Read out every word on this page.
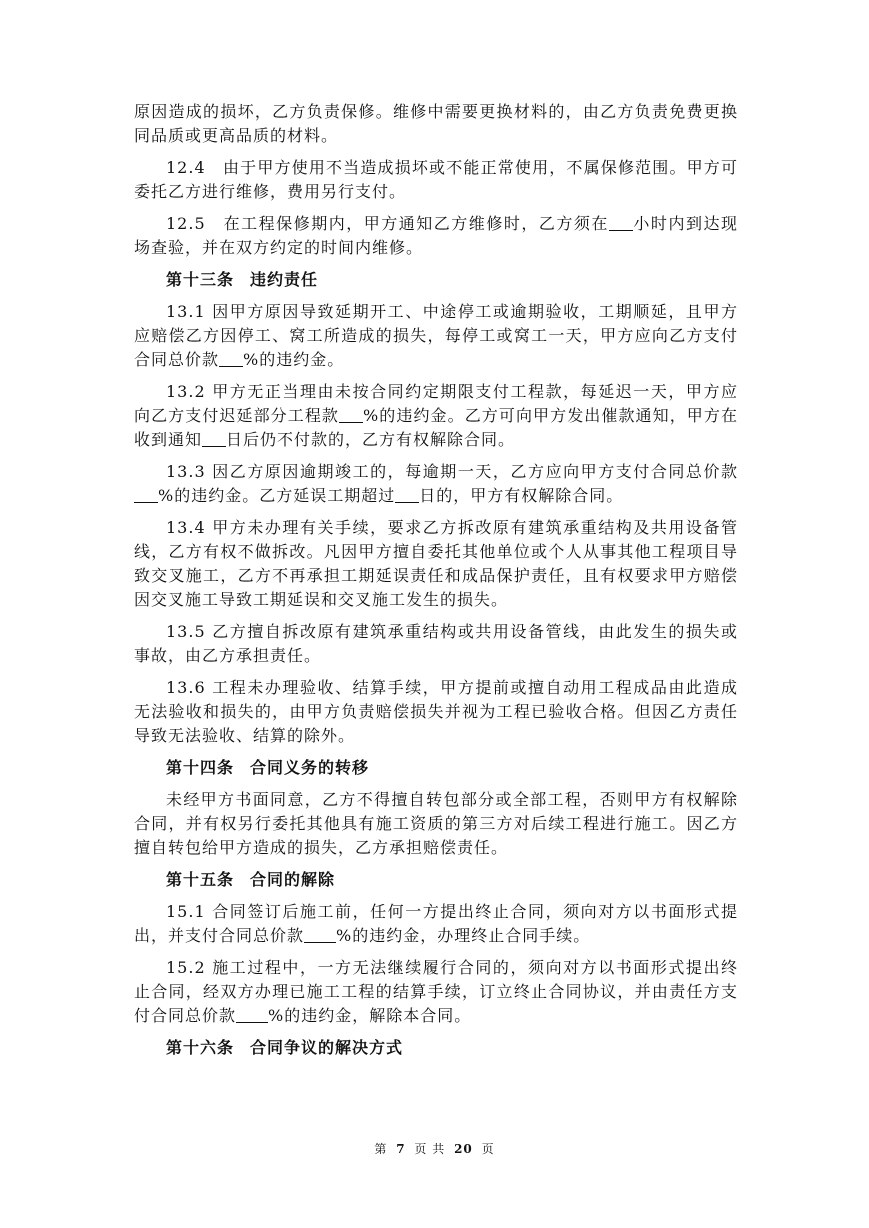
原因造成的损坏，乙方负责保修。维修中需要更换材料的，由乙方负责免费更换同品质或更高品质的材料。

12.4　由于甲方使用不当造成损坏或不能正常使用，不属保修范围。甲方可委托乙方进行维修，费用另行支付。

12.5　在工程保修期内，甲方通知乙方维修时，乙方须在 小时内到达现场查验，并在双方约定的时间内维修。

第十三条 违约责任

13.1 因甲方原因导致延期开工、中途停工或逾期验收，工期顺延，且甲方应赔偿乙方因停工、窝工所造成的损失，每停工或窝工一天，甲方应向乙方支付合同总价款 %的违约金。

13.2 甲方无正当理由未按合同约定期限支付工程款，每延迟一天，甲方应向乙方支付迟延部分工程款 %的违约金。乙方可向甲方发出催款通知，甲方在收到通知 日后仍不付款的，乙方有权解除合同。

13.3 因乙方原因逾期竣工的，每逾期一天，乙方应向甲方支付合同总价款%的违约金。乙方延误工期超过 日的，甲方有权解除合同。

13.4 甲方未办理有关手续，要求乙方拆改原有建筑承重结构及共用设备管线，乙方有权不做拆改。凡因甲方擅自委托其他单位或个人从事其他工程项目导致交叉施工，乙方不再承担工期延误责任和成品保护责任，且有权要求甲方赔偿因交叉施工导致工期延误和交叉施工发生的损失。

13.5 乙方擅自拆改原有建筑承重结构或共用设备管线，由此发生的损失或事故，由乙方承担责任。

13.6 工程未办理验收、结算手续，甲方提前或擅自动用工程成品由此造成无法验收和损失的，由甲方负责赔偿损失并视为工程已验收合格。但因乙方责任导致无法验收、结算的除外。

第十四条 合同义务的转移

未经甲方书面同意，乙方不得擅自转包部分或全部工程，否则甲方有权解除合同，并有权另行委托其他具有施工资质的第三方对后续工程进行施工。因乙方擅自转包给甲方造成的损失，乙方承担赔偿责任。

第十五条 合同的解除

15.1 合同签订后施工前，任何一方提出终止合同，须向对方以书面形式提出，并支付合同总价款 %的违约金，办理终止合同手续。

15.2 施工过程中，一方无法继续履行合同的，须向对方以书面形式提出终止合同，经双方办理已施工工程的结算手续，订立终止合同协议，并由责任方支付合同总价款 %的违约金，解除本合同。

第十六条 合同争议的解决方式

第 7 页 共 20 页
